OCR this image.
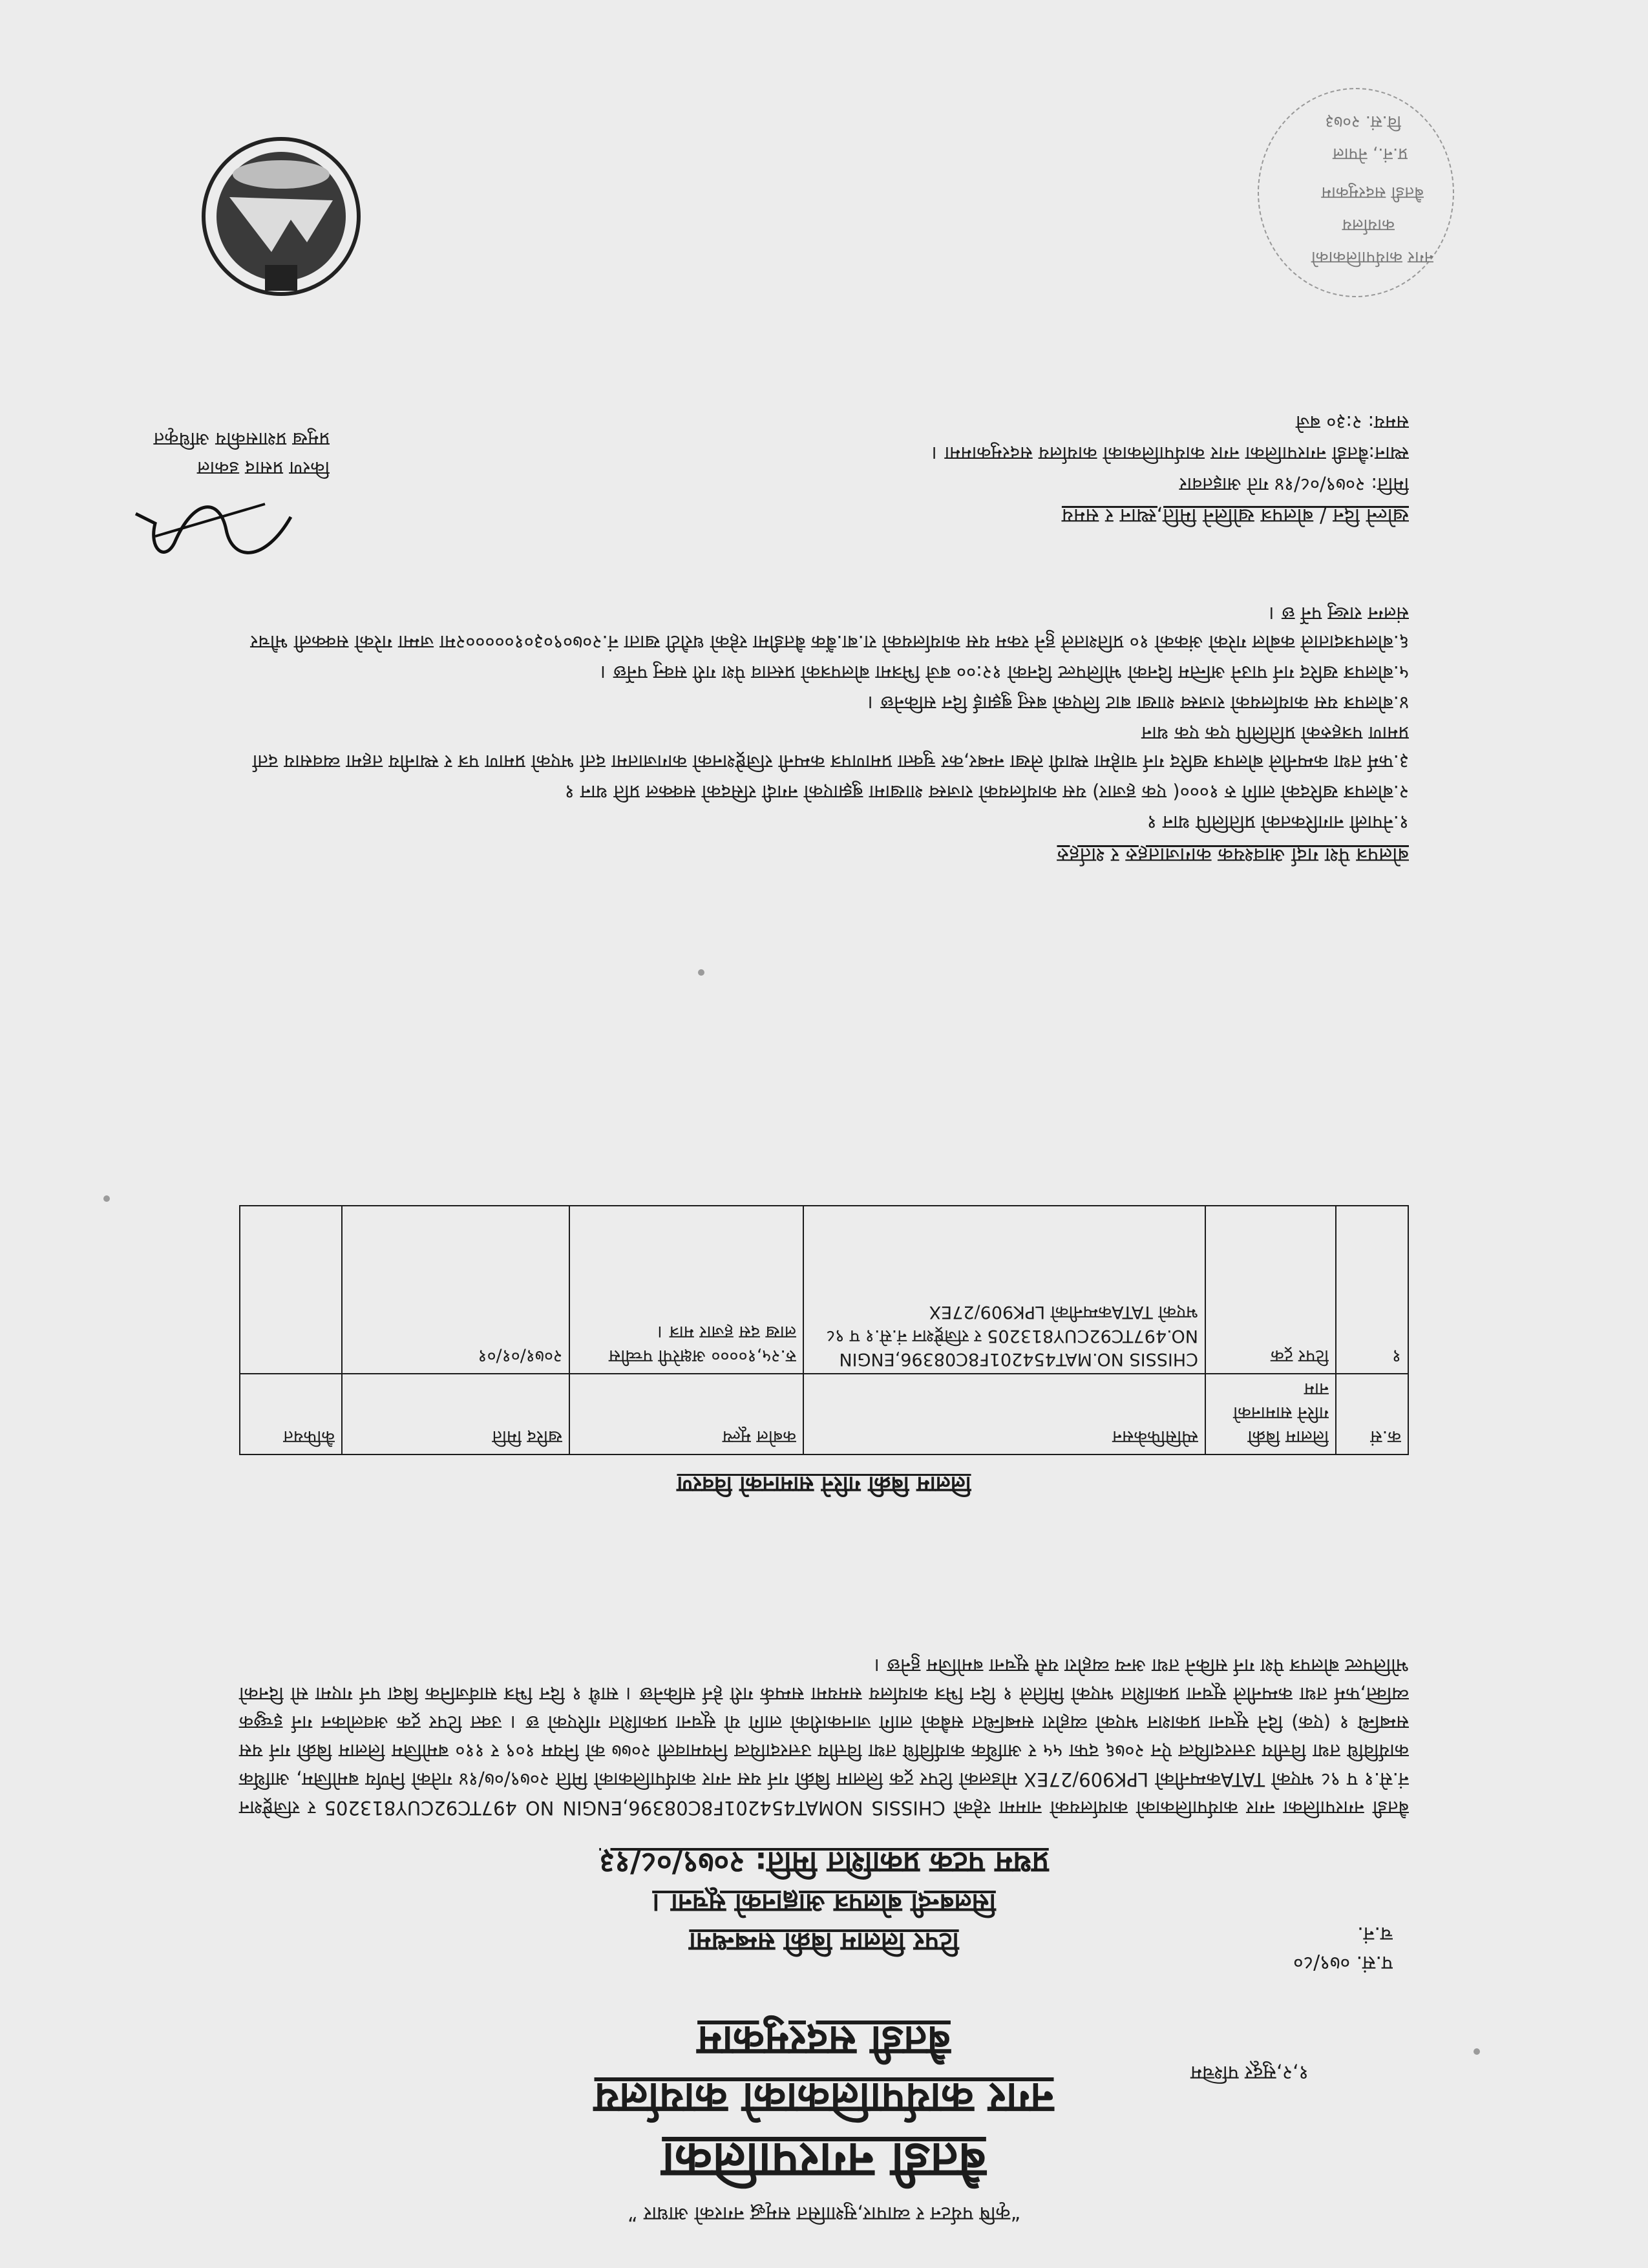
नगर कार्यपालिकाको
कार्यालय
बैतडी सदरमुकाम
प्र.नं., नेपाल
वि.सं. २०७३
“कृषि पर्यटन र व्यापार,सुशासित समृद्ध नगरको आधार ”
बैतडी नगरपालिका
नगर कार्यपालिकाको कार्यालय
बैतडी सदरमुकाम
१,२,सुदूर पश्चिम
प.सं. ०७९/८०
च.नं.
टिपर लिलाम बिक्री सम्बन्धमा
सिलबन्दी बोलपत्र आह्वानको सूचना ।
प्रथम पटक प्रकाशित मिति: २०७९/०८/१३
बैतडी नगरपालिका नगर कार्यपालिकाको कार्यालयको नाममा रहेको CHISSIS NOMAT454201F8C08396,ENGIN NO 497TC92CUY813205 र रजिष्ट्रेशन नं.से.१ प ९८ भएको TATAकम्पनीको LPK909/27EX मोडलको टिपर ट्रक लिलाम बिक्री गर्न यस नगर कार्यपालिकाको मिति २०७९/०७/१४ गतेको निर्णय बमोजिम, आर्थिक कार्यविधि तथा वित्तीय उत्तरदायित्व ऐन २०७६ दफा ५५ र आर्थिक कार्यविधि तथा वित्तीय उत्तरदायित्व नियमावली २०७७ को नियम १०९ र ११० बमोजिम लिलाम बिक्री गर्न यस सम्बन्धि १ (एक) दिने सूचना प्रकाशन भएको व्यहोरा सम्बन्धित सबैको लागि जानकारीको लागि यो सूचना प्रकाशित गरिएको छ । उक्त टिपर ट्रक अवलोकन गर्न इच्छुक व्यक्ति,फर्म तथा कम्पनीले सूचना प्रकाशित भएको मितिले १ दिन भित्र कार्यालय समयमा सम्पर्क गरी हेर्न सकिनेछ । साथै १ दिन भित्र सार्वजनिक बिदा पर्न गएमा सो दिनको भोलिपल्ट बोलपत्र पेश गर्न सकिने तथा अन्य व्यहोरा यसै सूचना बमोजिम हुनेछ ।
लिलाम बिक्री गरिने सामानको विवरण
क.सं	लिलाम बिक्री गरिने सामानको नाम	स्पेसिफिकेसन	कबोल मूल्य	खरिद मिति	कैफियत
१	टिपर ट्रक	CHISSIS NO.MAT454201F8C08396,ENGIN NO.497TC92CUY813205 र रजिष्ट्रेशन नं.से.१ प ९८ भएको TATAकम्पनीको LPK909/27EX	रु.२५,१०००० अक्षरेपी पच्चीस लाख दस हजार मात्र ।	२०७१/०१/०१	
बोलपत्र पेश गर्दा आवश्यक कागजातहरु र शर्तहरु
१.नेपाली नागरिकतको प्रतिलिपि थान १
२.बोलपत्र खरिदको लागि रु १०००( एक हजार) यस कार्यालयको राजस्व शाखामा बुझाएको नगदी रसिदको सक्कल प्रति थान १
३.फर्म तथा कम्पनीले बोलपत्र खरिद गर्न चाहेमा स्थायी लेखा नम्बर,कर चुक्ता प्रमाणपत्र कम्पनी रजिष्ट्रेशनको कागजातमा दर्ता भएको प्रमाण पत्र र स्थानीय तहमा व्यवसाय दर्ता प्रमाण पत्रहरुको प्रतिलिपि एक एक थान
४.बोलपत्र यस कार्यालयको राजस्व शाखा बाट लिएको बस्तु बुझाई दिन सकिनेछ ।
५.बोलपत्र खरिद गर्न पाउने अन्तिम दिनको भोलिपल्ट दिनको १२:०० बजे भित्रमा बोलपत्रको प्रस्ताव पेश गरी सक्नु पर्नेछ ।
६.बोलपत्रदाताले कबोल गरेको अंकको १० प्रतिशतले हुने रकम यस कार्यालयको रा.बा.बैंक बैतडीमा रहेको धरौटी खाता नं.२०७०९०३०१०००००२मा जम्मा गरेको सक्कली भौचर संलग्न राख्नु पर्ने छ ।
खोल्ने दिन / बोलपत्र खोलिने मिति,स्थान र समय
मिति: २०७९/०८/१४ गते आइतवार
स्थान:बैतडी नगरपालिका नगर कार्यपालिकाको कार्यालय सदरमुकाममा ।
समय: २:३० बजे
किरण प्रसाद डकाल
प्रमुख प्रशासकीय अधिकृत
